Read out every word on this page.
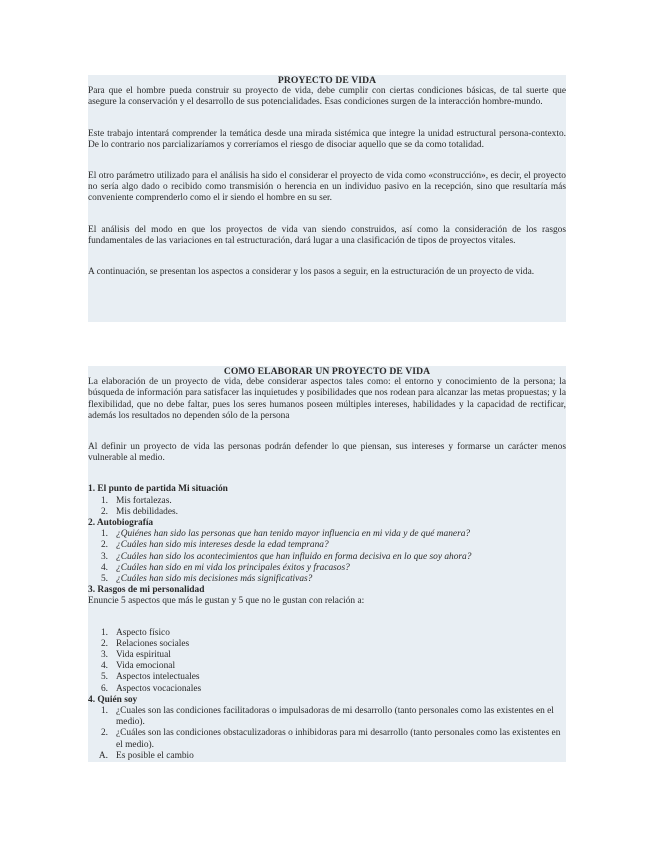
PROYECTO DE VIDA

Para que el hombre pueda construir su proyecto de vida, debe cumplir con ciertas condiciones básicas, de tal suerte que asegure la conservación y el desarrollo de sus potencialidades. Esas condiciones surgen de la interacción hombre-mundo.

Este trabajo intentará comprender la temática desde una mirada sistémica que integre la unidad estructural persona-contexto. De lo contrario nos parcializaríamos y correríamos el riesgo de disociar aquello que se da como totalidad.

El otro parámetro utilizado para el análisis ha sido el considerar el proyecto de vida como «construcción», es decir, el proyecto no sería algo dado o recibido como transmisión o herencia en un individuo pasivo en la recepción, sino que resultaría más conveniente comprenderlo como el ir siendo el hombre en su ser.

El análisis del modo en que los proyectos de vida van siendo construidos, así como la consideración de los rasgos fundamentales de las variaciones en tal estructuración, dará lugar a una clasificación de tipos de proyectos vitales.

A continuación, se presentan los aspectos a considerar y los pasos a seguir, en la estructuración de un proyecto de vida.

COMO ELABORAR UN PROYECTO DE VIDA

La elaboración de un proyecto de vida, debe considerar aspectos tales como: el entorno y conocimiento de la persona; la búsqueda de información para satisfacer las inquietudes y posibilidades que nos rodean para alcanzar las metas propuestas; y la flexibilidad, que no debe faltar, pues los seres humanos poseen múltiples intereses, habilidades y la capacidad de rectificar, además los resultados no dependen sólo de la persona

Al definir un proyecto de vida las personas podrán defender lo que piensan, sus intereses y formarse un carácter menos vulnerable al medio.

1. El punto de partida Mi situación
1. Mis fortalezas.
2. Mis debilidades.
2. Autobiografía
1. ¿Quiénes han sido las personas que han tenido mayor influencia en mi vida y de qué manera?
2. ¿Cuáles han sido mis intereses desde la edad temprana?
3. ¿Cuáles han sido los acontecimientos que han influido en forma decisiva en lo que soy ahora?
4. ¿Cuáles han sido en mi vida los principales éxitos y fracasos?
5. ¿Cuáles han sido mis decisiones más significativas?
3. Rasgos de mi personalidad

Enuncie 5 aspectos que más le gustan y 5 que no le gustan con relación a:

1. Aspecto físico
2. Relaciones sociales
3. Vida espiritual
4. Vida emocional
5. Aspectos intelectuales
6. Aspectos vocacionales
4. Quién soy
1. ¿Cuales son las condiciones facilitadoras o impulsadoras de mi desarrollo (tanto personales como las existentes en el medio).
2. ¿Cuáles son las condiciones obstaculizadoras o inhibidoras para mi desarrollo (tanto personales como las existentes en el medio).
A. Es posible el cambio
